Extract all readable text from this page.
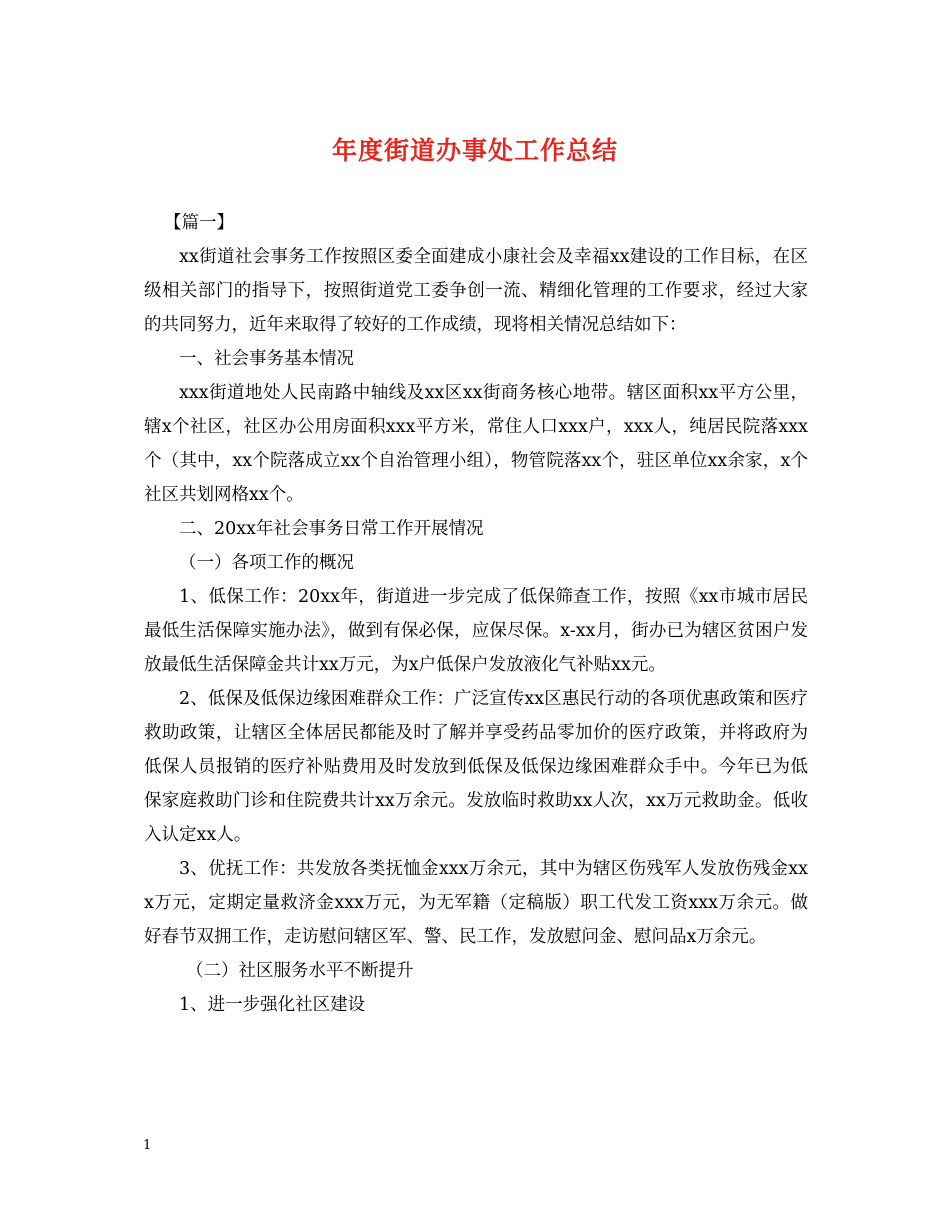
年度街道办事处工作总结

【篇一】

xx街道社会事务工作按照区委全面建成小康社会及幸福xx建设的工作目标，在区级相关部门的指导下，按照街道党工委争创一流、精细化管理的工作要求，经过大家的共同努力，近年来取得了较好的工作成绩，现将相关情况总结如下：

一、社会事务基本情况

xxx街道地处人民南路中轴线及xx区xx街商务核心地带。辖区面积xx平方公里，辖x个社区，社区办公用房面积xxx平方米，常住人口xxx户，xxx人，纯居民院落xxx个（其中，xx个院落成立xx个自治管理小组），物管院落xx个，驻区单位xx余家，x个社区共划网格xx个。

二、20xx年社会事务日常工作开展情况

（一）各项工作的概况

1、低保工作：20xx年，街道进一步完成了低保筛查工作，按照《xx市城市居民最低生活保障实施办法》，做到有保必保，应保尽保。x-xx月，街办已为辖区贫困户发放最低生活保障金共计xx万元，为x户低保户发放液化气补贴xx元。

2、低保及低保边缘困难群众工作：广泛宣传xx区惠民行动的各项优惠政策和医疗救助政策，让辖区全体居民都能及时了解并享受药品零加价的医疗政策，并将政府为低保人员报销的医疗补贴费用及时发放到低保及低保边缘困难群众手中。今年已为低保家庭救助门诊和住院费共计xx万余元。发放临时救助xx人次，xx万元救助金。低收入认定xx人。

3、优抚工作：共发放各类抚恤金xxx万余元，其中为辖区伤残军人发放伤残金xxx万元，定期定量救济金xxx万元，为无军籍（定稿版）职工代发工资xxx万余元。做好春节双拥工作，走访慰问辖区军、警、民工作，发放慰问金、慰问品x万余元。

（二）社区服务水平不断提升

1、进一步强化社区建设

1
